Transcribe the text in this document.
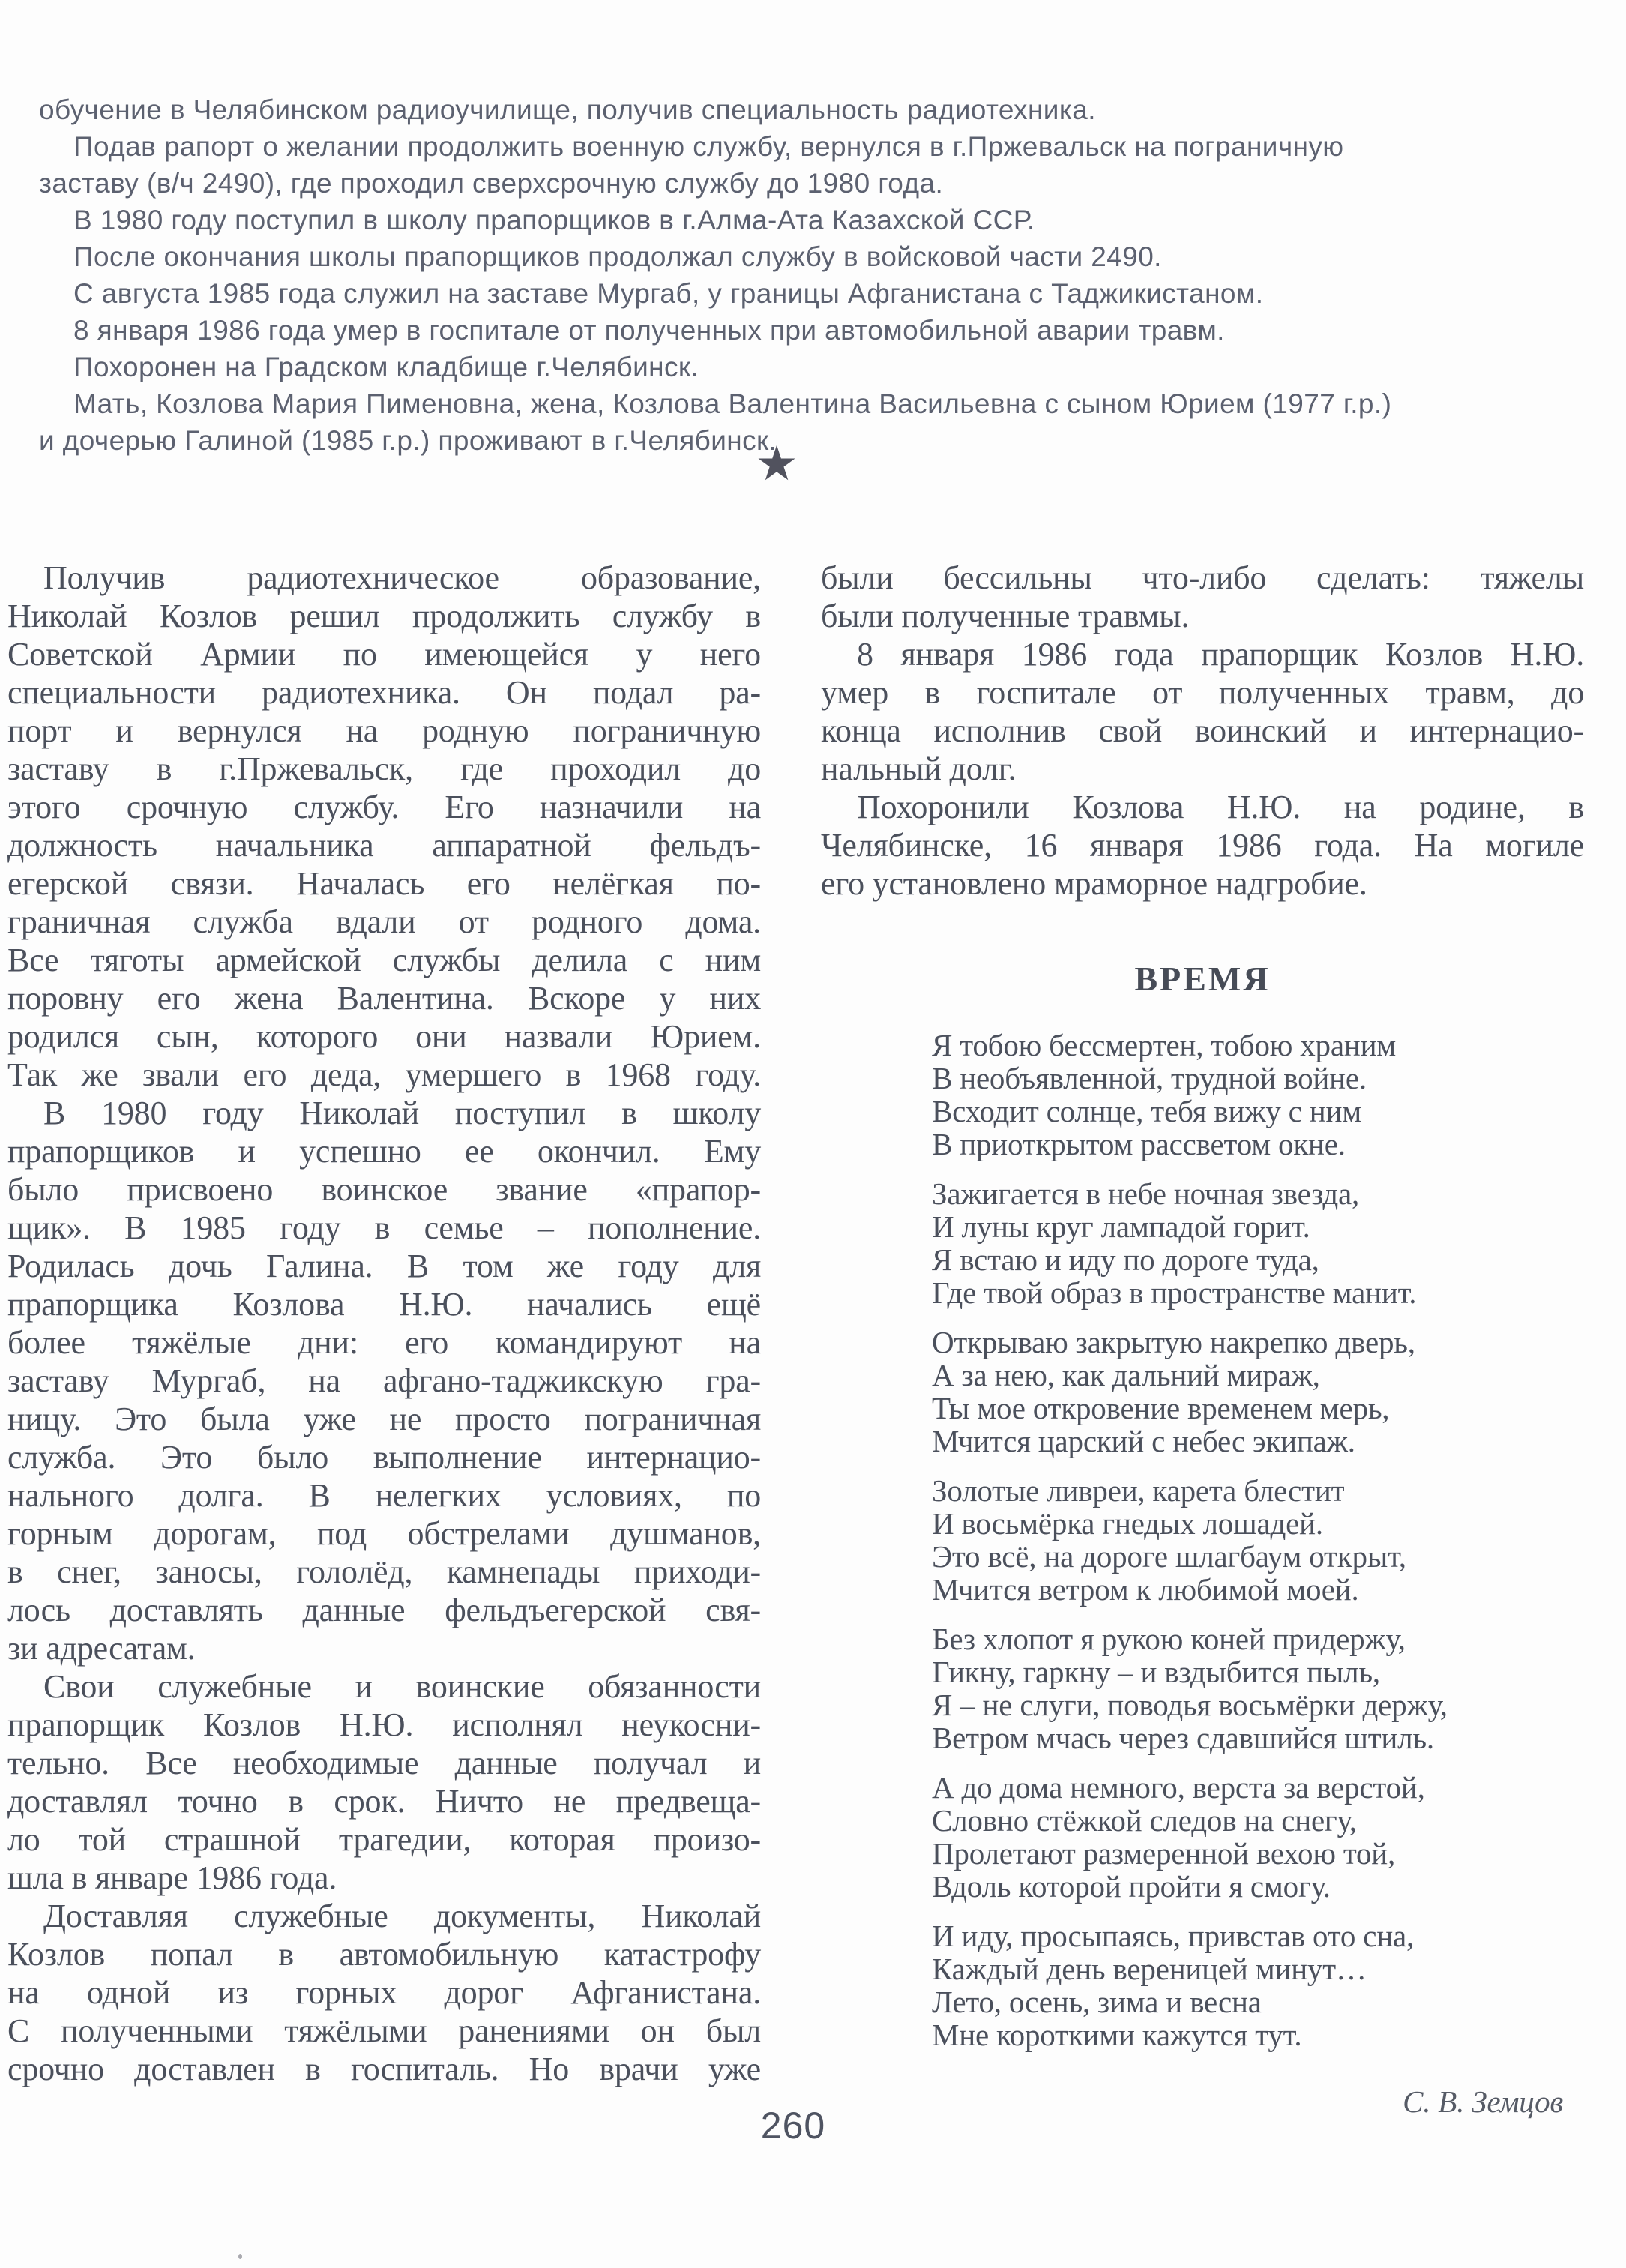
обучение в Челябинском радиоучилище, получив специальность радиотехника.

Подав рапорт о желании продолжить военную службу, вернулся в г.Пржевальск на пограничную
заставу (в/ч 2490), где проходил сверхсрочную службу до 1980 года.

В 1980 году поступил в школу прапорщиков в г.Алма-Ата Казахской ССР.

После окончания школы прапорщиков продолжал службу в войсковой части 2490.

С августа 1985 года служил на заставе Мургаб, у границы Афганистана с Таджикистаном.

8 января 1986 года умер в госпитале от полученных при автомобильной аварии травм.

Похоронен на Градском кладбище г.Челябинск.

Мать, Козлова Мария Пименовна, жена, Козлова Валентина Васильевна с сыном Юрием (1977 г.р.)
и дочерью Галиной (1985 г.р.) проживают в г.Челябинск.

★

Получив радиотехническое образование,
Николай Козлов решил продолжить службу в
Советской Армии по имеющейся у него
специальности радиотехника. Он подал ра-
порт и вернулся на родную пограничную
заставу в г.Пржевальск, где проходил до
этого срочную службу. Его назначили на
должность начальника аппаратной фельдъ-
егерской связи. Началась его нелёгкая по-
граничная служба вдали от родного дома.
Все тяготы армейской службы делила с ним
поровну его жена Валентина. Вскоре у них
родился сын, которого они назвали Юрием.
Так же звали его деда, умершего в 1968 году.

В 1980 году Николай поступил в школу
прапорщиков и успешно ее окончил. Ему
было присвоено воинское звание «прапор-
щик». В 1985 году в семье – пополнение.
Родилась дочь Галина. В том же году для
прапорщика Козлова Н.Ю. начались ещё
более тяжёлые дни: его командируют на
заставу Мургаб, на афгано-таджикскую гра-
ницу. Это была уже не просто пограничная
служба. Это было выполнение интернацио-
нального долга. В нелегких условиях, по
горным дорогам, под обстрелами душманов,
в снег, заносы, гололёд, камнепады приходи-
лось доставлять данные фельдъегерской свя-
зи адресатам.

Свои служебные и воинские обязанности
прапорщик Козлов Н.Ю. исполнял неукосни-
тельно. Все необходимые данные получал и
доставлял точно в срок. Ничто не предвеща-
ло той страшной трагедии, которая произо-
шла в январе 1986 года.

Доставляя служебные документы, Николай
Козлов попал в автомобильную катастрофу
на одной из горных дорог Афганистана.
С полученными тяжёлыми ранениями он был
срочно доставлен в госпиталь. Но врачи уже

были бессильны что-либо сделать: тяжелы
были полученные травмы.

8 января 1986 года прапорщик Козлов Н.Ю.
умер в госпитале от полученных травм, до
конца исполнив свой воинский и интернацио-
нальный долг.

Похоронили Козлова Н.Ю. на родине, в
Челябинске, 16 января 1986 года. На могиле
его установлено мраморное надгробие.

ВРЕМЯ
Я тобою бессмертен, тобою храним
В необъявленной, трудной войне.
Всходит солнце, тебя вижу с ним
В приоткрытом рассветом окне.
Зажигается в небе ночная звезда,
И луны круг лампадой горит.
Я встаю и иду по дороге туда,
Где твой образ в пространстве манит.
Открываю закрытую накрепко дверь,
А за нею, как дальний мираж,
Ты мое откровение временем мерь,
Мчится царский с небес экипаж.
Золотые ливреи, карета блестит
И восьмёрка гнедых лошадей.
Это всё, на дороге шлагбаум открыт,
Мчится ветром к любимой моей.
Без хлопот я рукою коней придержу,
Гикну, гаркну – и вздыбится пыль,
Я – не слуги, поводья восьмёрки держу,
Ветром мчась через сдавшийся штиль.
А до дома немного, верста за верстой,
Словно стёжкой следов на снегу,
Пролетают размеренной вехою той,
Вдоль которой пройти я смогу.
И иду, просыпаясь, привстав ото сна,
Каждый день вереницей минут…
Лето, осень, зима и весна
Мне короткими кажутся тут.
С. В. Земцов
260
